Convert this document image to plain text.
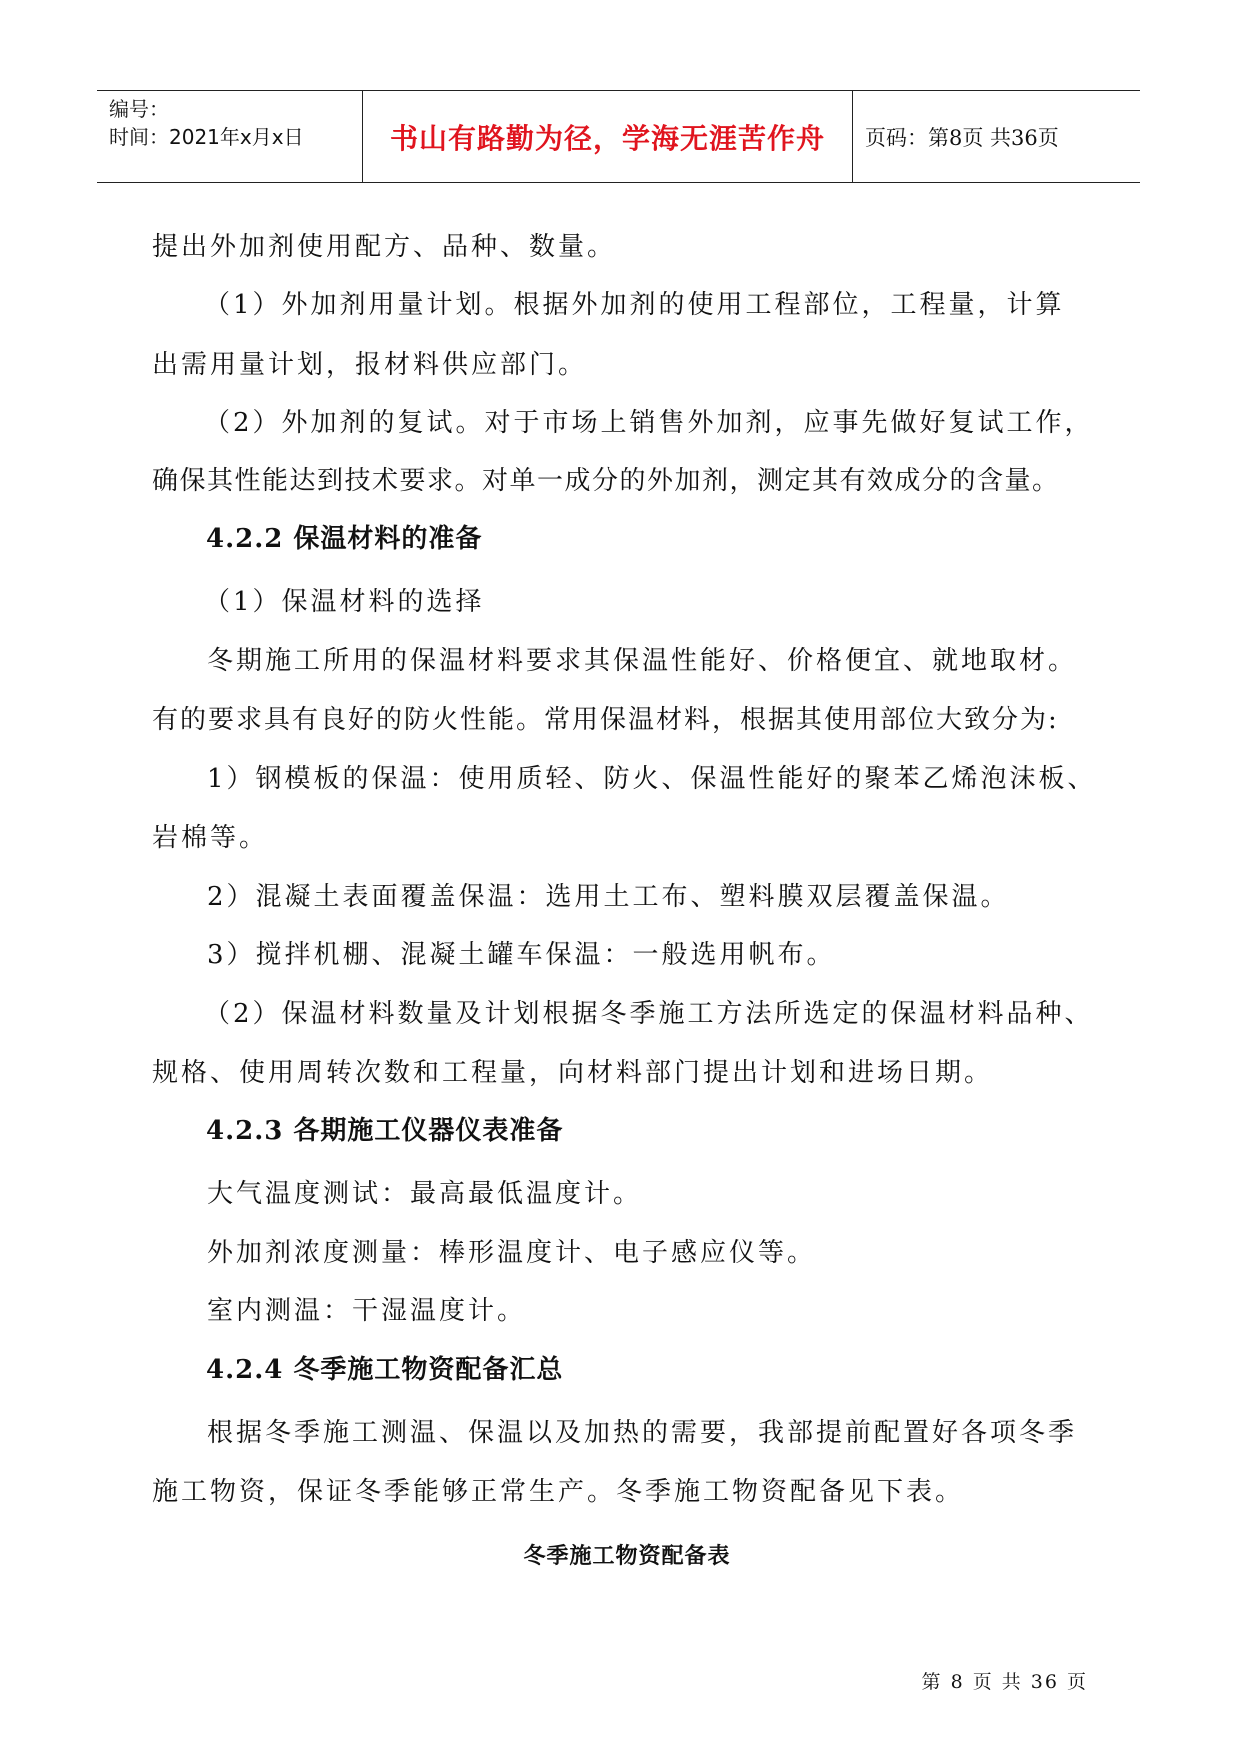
编号：
时间：2021年x月x日	书山有路勤为径，学海无涯苦作舟 页码：第8页 共36页
提出外加剂使用配方、品种、数量。
（1）外加剂用量计划。根据外加剂的使用工程部位，工程量，计算
出需用量计划，报材料供应部门。
（2）外加剂的复试。对于市场上销售外加剂，应事先做好复试工作，
确保其性能达到技术要求。对单一成分的外加剂，测定其有效成分的含量。
4.2.2 保温材料的准备
（1）保温材料的选择
冬期施工所用的保温材料要求其保温性能好、价格便宜、就地取材。
有的要求具有良好的防火性能。常用保温材料，根据其使用部位大致分为:
1）钢模板的保温：使用质轻、防火、保温性能好的聚苯乙烯泡沫板、
岩棉等。
2）混凝土表面覆盖保温：选用土工布、塑料膜双层覆盖保温。
3）搅拌机棚、混凝土罐车保温：一般选用帆布。
（2）保温材料数量及计划根据冬季施工方法所选定的保温材料品种、
规格、使用周转次数和工程量，向材料部门提出计划和进场日期。
4.2.3 各期施工仪器仪表准备
大气温度测试：最高最低温度计。
外加剂浓度测量：棒形温度计、电子感应仪等。
室内测温：干湿温度计。
4.2.4 冬季施工物资配备汇总
根据冬季施工测温、保温以及加热的需要，我部提前配置好各项冬季
施工物资，保证冬季能够正常生产。冬季施工物资配备见下表。
冬季施工物资配备表
第 8 页 共 36 页
